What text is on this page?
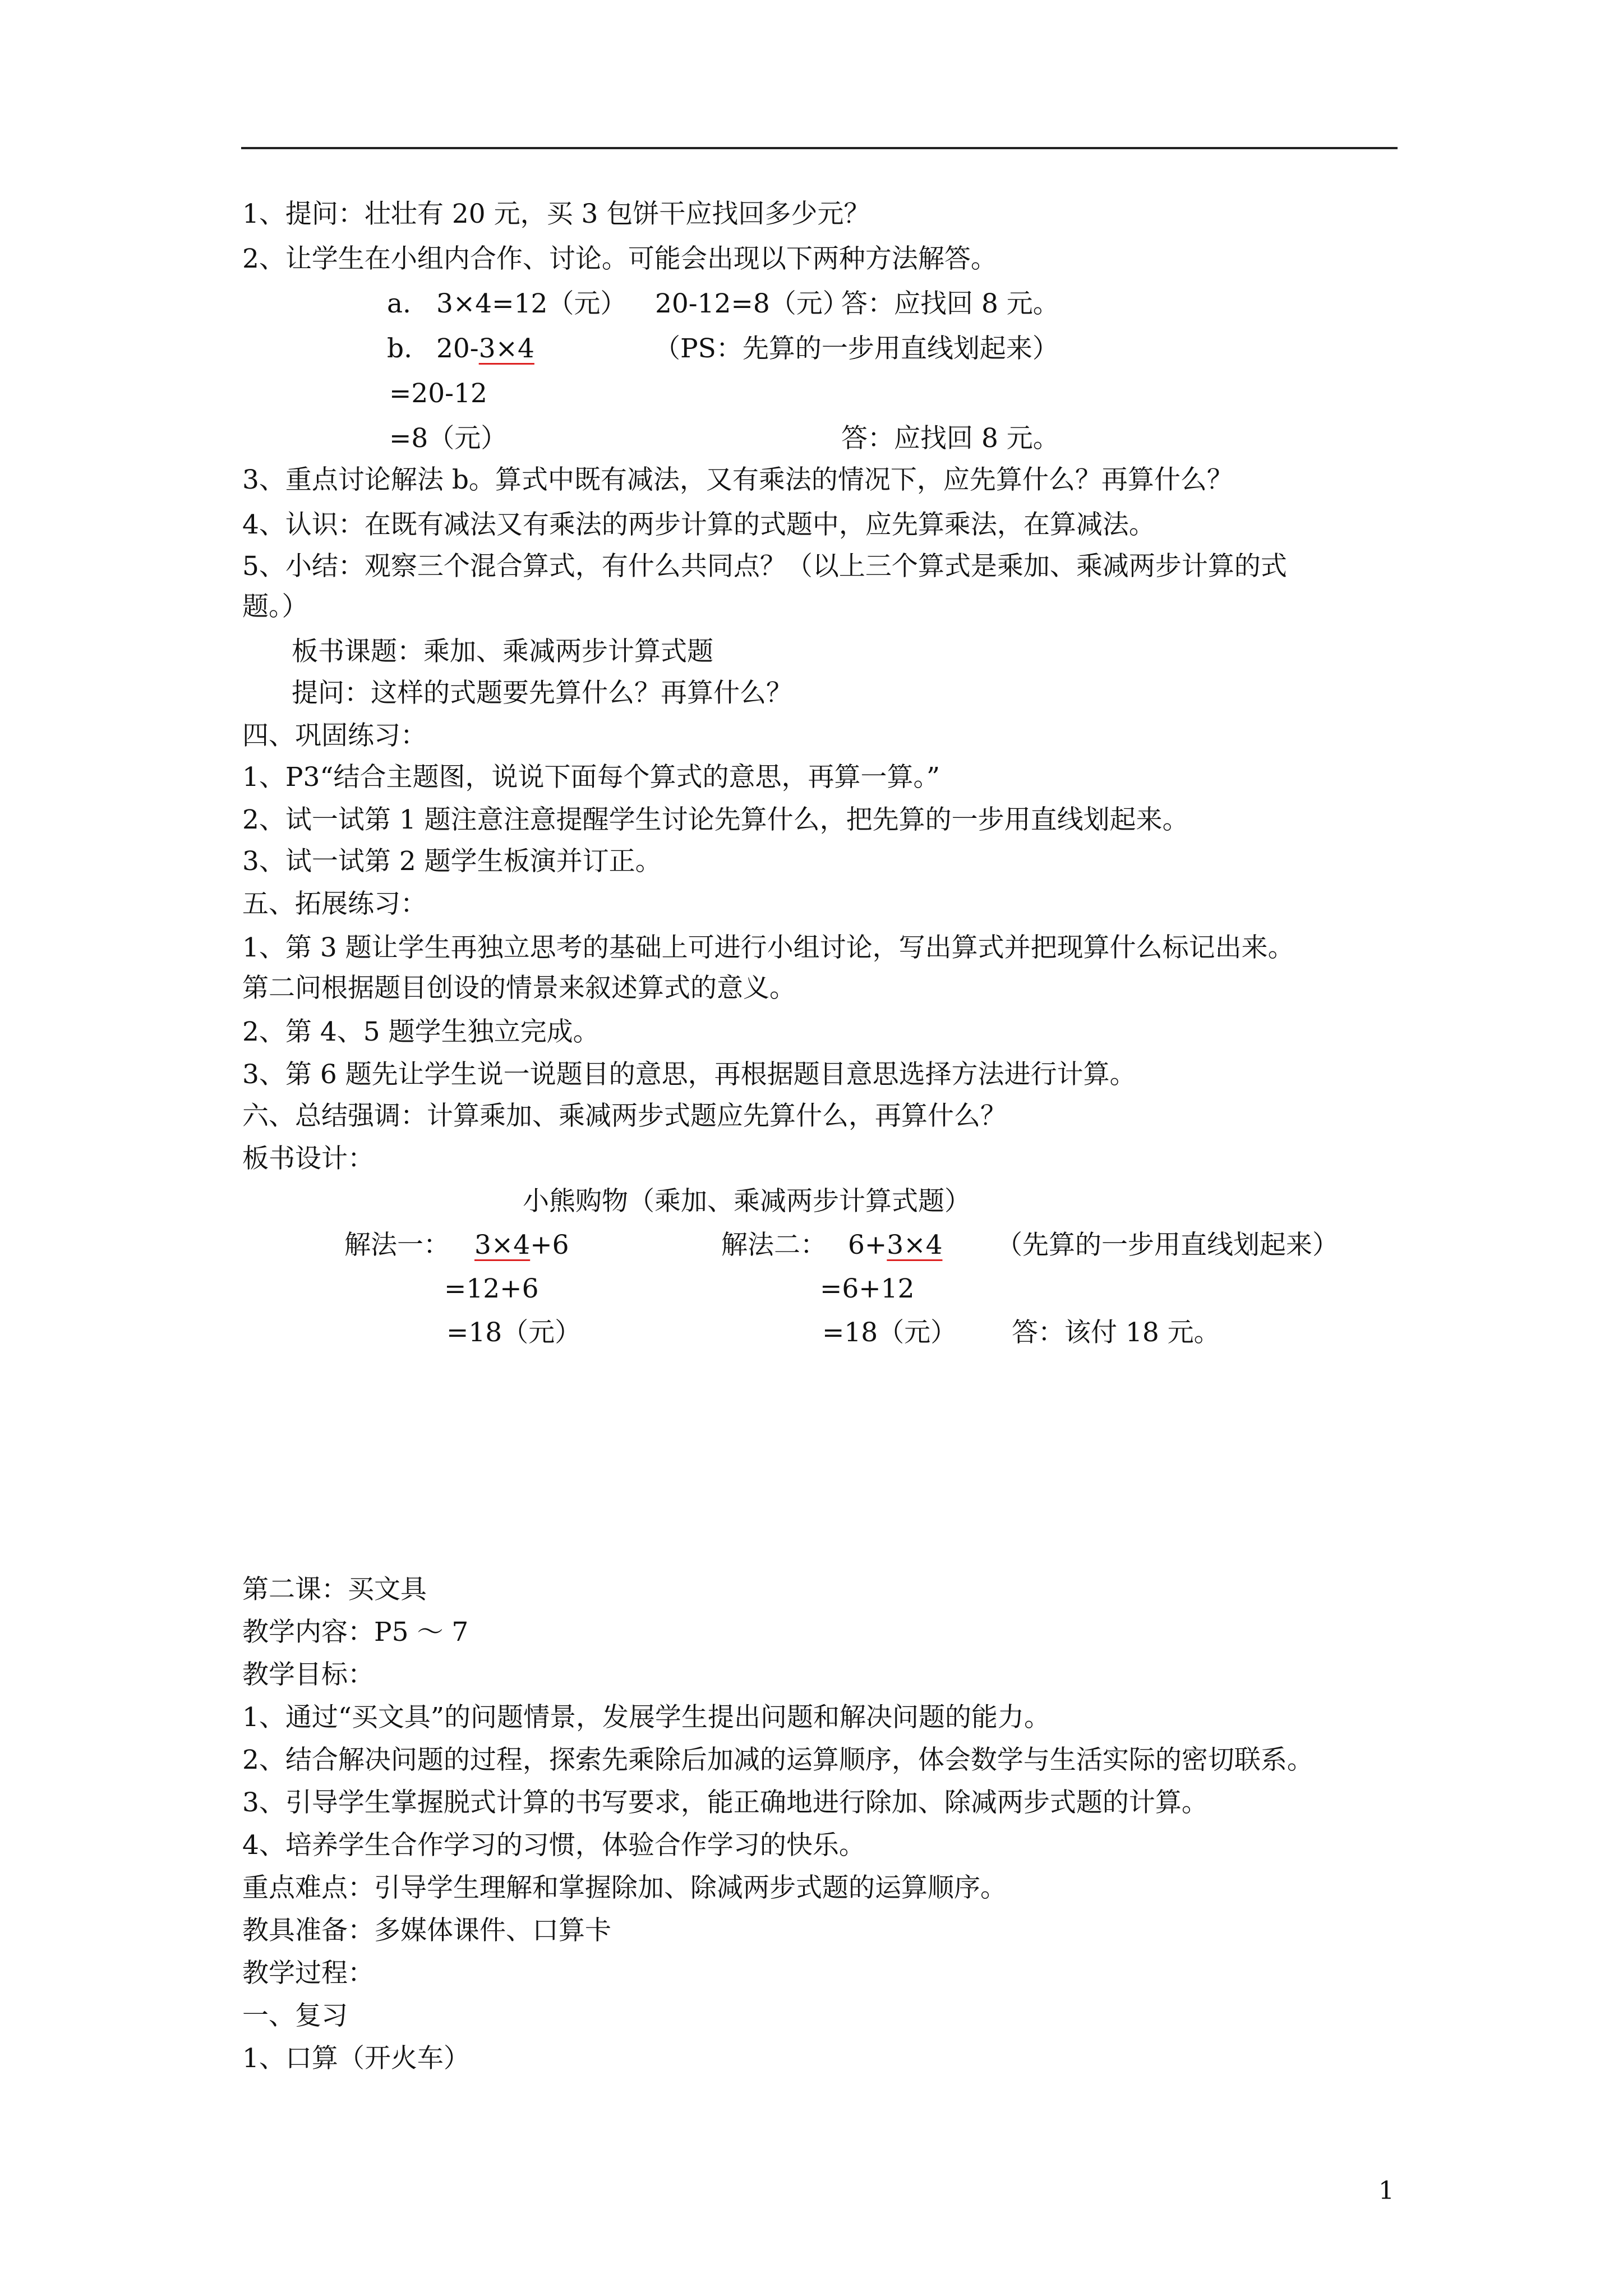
1、提问：壮壮有 20 元，买 3 包饼干应找回多少元？
2、让学生在小组内合作、讨论。可能会出现以下两种方法解答。
a. 3×4=12（元） 20-12=8（元）
答：应找回 8 元。
b. 20-3×4	（PS：先算的一步用直线划起来）
=20-12
=8（元）	答：应找回 8 元。
3、重点讨论解法 b。算式中既有减法，又有乘法的情况下，应先算什么？再算什么？
4、认识：在既有减法又有乘法的两步计算的式题中，应先算乘法，在算减法。
5、小结：观察三个混合算式，有什么共同点？（以上三个算式是乘加、乘减两步计算的式
题。）
板书课题：乘加、乘减两步计算式题
提问：这样的式题要先算什么？再算什么？
四、巩固练习：
1、P3“结合主题图，说说下面每个算式的意思，再算一算。”
2、试一试第 1 题注意注意提醒学生讨论先算什么，把先算的一步用直线划起来。
3、试一试第 2 题学生板演并订正。
五、拓展练习：
1、第 3 题让学生再独立思考的基础上可进行小组讨论，写出算式并把现算什么标记出来。
第二问根据题目创设的情景来叙述算式的意义。
2、第 4、5 题学生独立完成。
3、第 6 题先让学生说一说题目的意思，再根据题目意思选择方法进行计算。
六、总结强调：计算乘加、乘减两步式题应先算什么，再算什么？
板书设计：
小熊购物（乘加、乘减两步计算式题）
解法一： 3×4+6	解法二： 6+3×4 （先算的一步用直线划起来）
=12+6	=6+12
=18（元）	=18（元） 答：该付 18 元。
第二课：买文具
教学内容：P5 ～ 7
教学目标：
1、通过“买文具”的问题情景，发展学生提出问题和解决问题的能力。
2、结合解决问题的过程，探索先乘除后加减的运算顺序，体会数学与生活实际的密切联系。
3、引导学生掌握脱式计算的书写要求，能正确地进行除加、除减两步式题的计算。
4、培养学生合作学习的习惯，体验合作学习的快乐。
重点难点：引导学生理解和掌握除加、除减两步式题的运算顺序。
教具准备：多媒体课件、口算卡
教学过程：
一、复习
1、口算（开火车）
1
